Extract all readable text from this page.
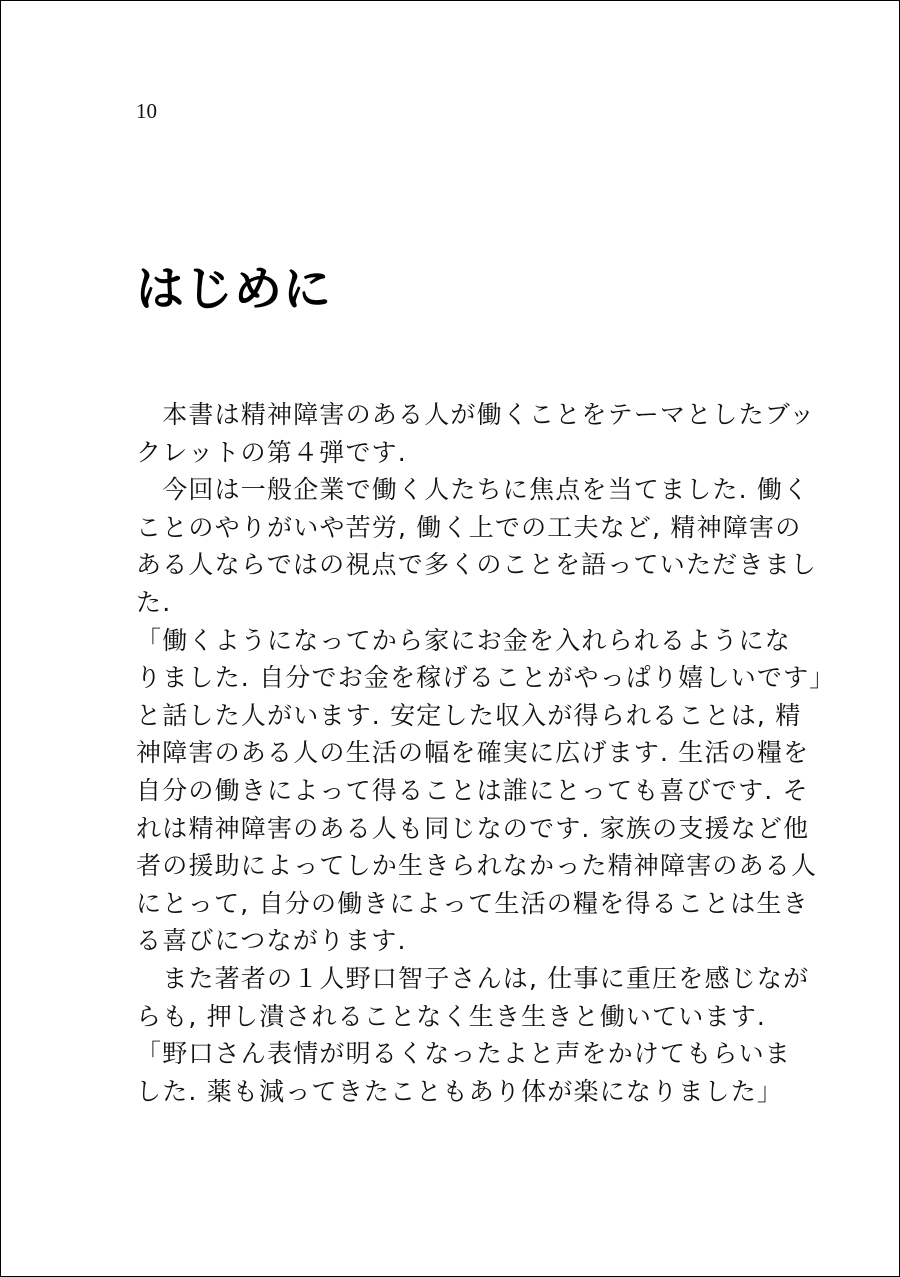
10
はじめに
　本書は精神障害のある人が働くことをテーマとしたブッ
クレットの第４弾です.
　今回は一般企業で働く人たちに焦点を当てました. 働く
ことのやりがいや苦労, 働く上での工夫など, 精神障害の
ある人ならではの視点で多くのことを語っていただきまし
た.
「働くようになってから家にお金を入れられるようにな
りました. 自分でお金を稼げることがやっぱり嬉しいです」
と話した人がいます. 安定した収入が得られることは, 精
神障害のある人の生活の幅を確実に広げます. 生活の糧を
自分の働きによって得ることは誰にとっても喜びです. そ
れは精神障害のある人も同じなのです. 家族の支援など他
者の援助によってしか生きられなかった精神障害のある人
にとって, 自分の働きによって生活の糧を得ることは生き
る喜びにつながります.
　また著者の１人野口智子さんは, 仕事に重圧を感じなが
らも, 押し潰されることなく生き生きと働いています.
「野口さん表情が明るくなったよと声をかけてもらいま
した. 薬も減ってきたこともあり体が楽になりました」
